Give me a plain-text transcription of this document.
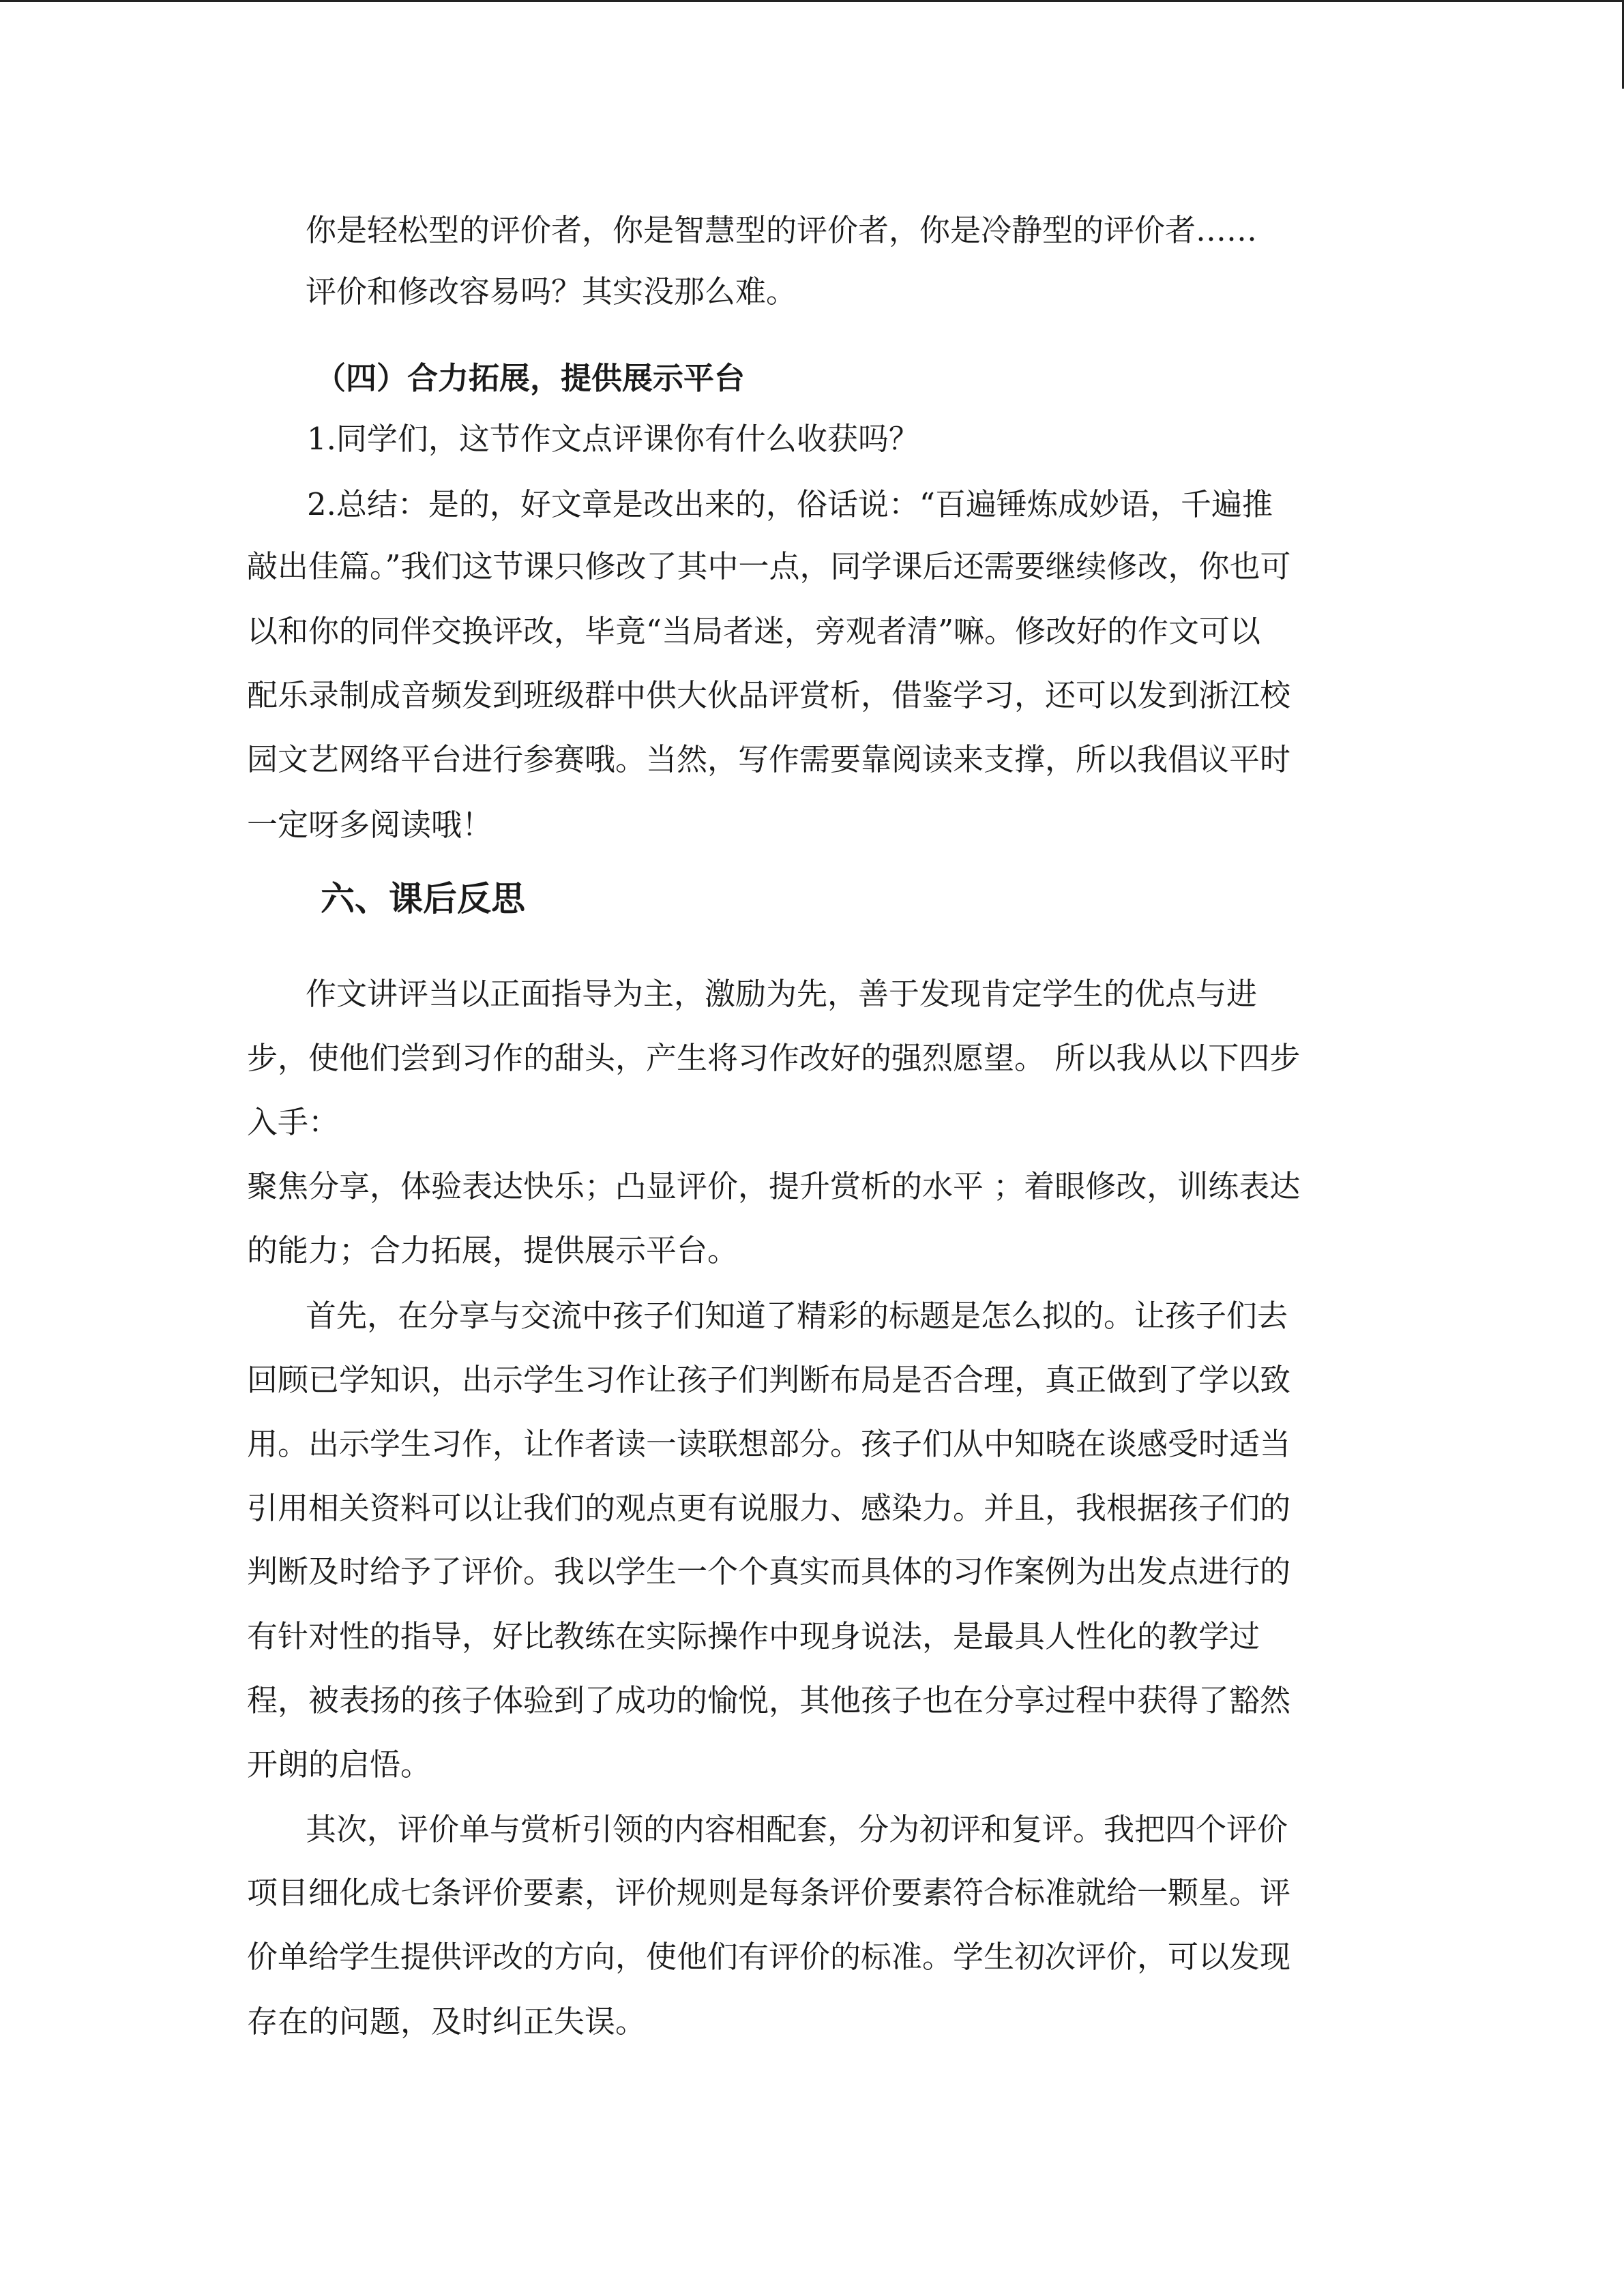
你是轻松型的评价者，你是智慧型的评价者，你是冷静型的评价者……
评价和修改容易吗？其实没那么难。
（四）合力拓展，提供展示平台
1.同学们，这节作文点评课你有什么收获吗？
2.总结：是的，好文章是改出来的，俗话说：“百遍锤炼成妙语，千遍推
敲出佳篇。”我们这节课只修改了其中一点，同学课后还需要继续修改，你也可
以和你的同伴交换评改，毕竟“当局者迷，旁观者清”嘛。修改好的作文可以
配乐录制成音频发到班级群中供大伙品评赏析，借鉴学习，还可以发到浙江校
园文艺网络平台进行参赛哦。当然，写作需要靠阅读来支撑，所以我倡议平时
一定呀多阅读哦！
六、课后反思
作文讲评当以正面指导为主，激励为先，善于发现肯定学生的优点与进
步，使他们尝到习作的甜头，产生将习作改好的强烈愿望。 所以我从以下四步
入手：
聚焦分享，体验表达快乐；凸显评价，提升赏析的水平 ；着眼修改，训练表达
的能力；合力拓展，提供展示平台。
首先，在分享与交流中孩子们知道了精彩的标题是怎么拟的。让孩子们去
回顾已学知识，出示学生习作让孩子们判断布局是否合理，真正做到了学以致
用。出示学生习作，让作者读一读联想部分。孩子们从中知晓在谈感受时适当
引用相关资料可以让我们的观点更有说服力、感染力。并且，我根据孩子们的
判断及时给予了评价。我以学生一个个真实而具体的习作案例为出发点进行的
有针对性的指导，好比教练在实际操作中现身说法，是最具人性化的教学过
程，被表扬的孩子体验到了成功的愉悦，其他孩子也在分享过程中获得了豁然
开朗的启悟。
其次，评价单与赏析引领的内容相配套，分为初评和复评。我把四个评价
项目细化成七条评价要素，评价规则是每条评价要素符合标准就给一颗星。评
价单给学生提供评改的方向，使他们有评价的标准。学生初次评价，可以发现
存在的问题，及时纠正失误。
